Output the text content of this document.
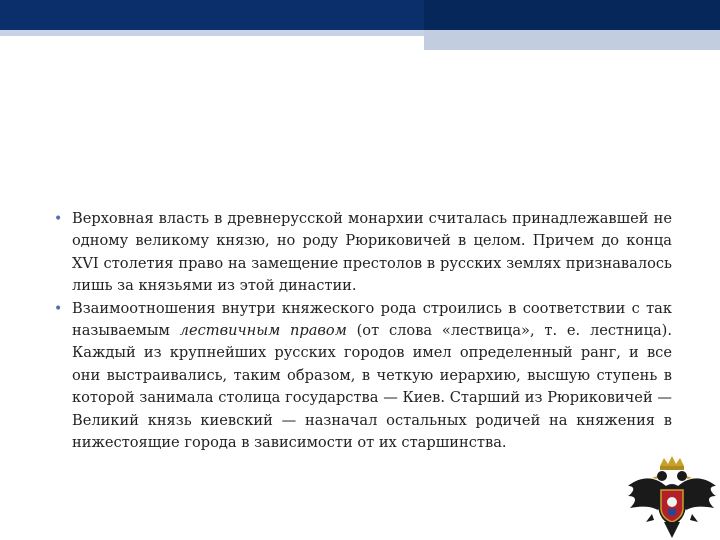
• Верховная власть в древнерусской монархии считалась принадлежавшей не одному великому князю, но роду Рюриковичей в целом. Причем до конца XVI столетия право на замещение престолов в русских землях признавалось лишь за князьями из этой династии.

• Взаимоотношения внутри княжеского рода строились в соответствии с так называемым лествичным правом (от слова «лествица», т. е. лестница). Каждый из крупнейших русских городов имел определенный ранг, и все они выстраивались, таким образом, в четкую иерархию, высшую ступень в которой занимала столица государства — Киев. Старший из Рюриковичей — Великий князь киевский — назначал остальных родичей на княжения в нижестоящие города в зависимости от их старшинства.
